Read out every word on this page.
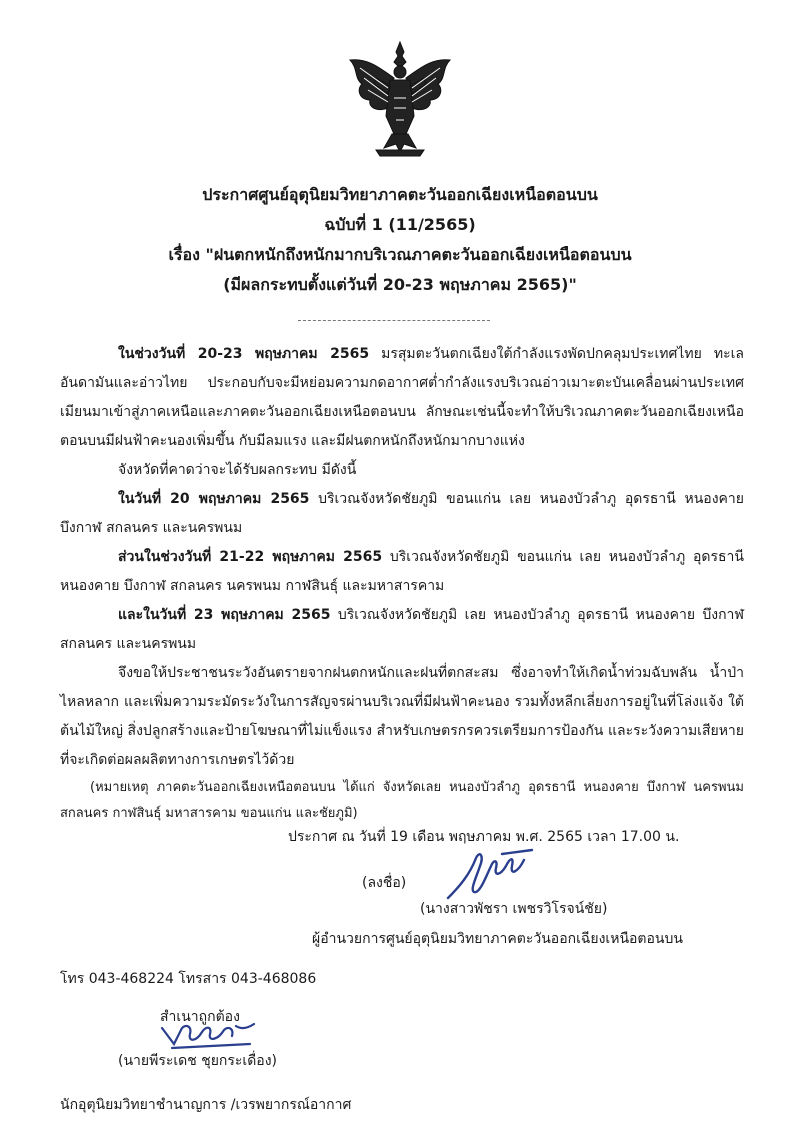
ประกาศศูนย์อุตุนิยมวิทยาภาคตะวันออกเฉียงเหนือตอนบน
ฉบับที่ 1 (11/2565)
เรื่อง "ฝนตกหนักถึงหนักมากบริเวณภาคตะวันออกเฉียงเหนือตอนบน
(มีผลกระทบตั้งแต่วันที่ 20-23 พฤษภาคม 2565)"

ในช่วงวันที่ 20-23 พฤษภาคม 2565 มรสุมตะวันตกเฉียงใต้กำลังแรงพัดปกคลุมประเทศไทย ทะเลอันดามันและอ่าวไทย ประกอบกับจะมีหย่อมความกดอากาศต่ำกำลังแรงบริเวณอ่าวเมาะตะบันเคลื่อนผ่านประเทศเมียนมาเข้าสู่ภาคเหนือและภาคตะวันออกเฉียงเหนือตอนบน ลักษณะเช่นนี้จะทำให้บริเวณภาคตะวันออกเฉียงเหนือตอนบนมีฝนฟ้าคะนองเพิ่มขึ้น กับมีลมแรง และมีฝนตกหนักถึงหนักมากบางแห่ง

จังหวัดที่คาดว่าจะได้รับผลกระทบ มีดังนี้

ในวันที่ 20 พฤษภาคม 2565 บริเวณจังหวัดชัยภูมิ ขอนแก่น เลย หนองบัวลำภู อุดรธานี หนองคาย บึงกาฬ สกลนคร และนครพนม

ส่วนในช่วงวันที่ 21-22 พฤษภาคม 2565 บริเวณจังหวัดชัยภูมิ ขอนแก่น เลย หนองบัวลำภู อุดรธานี หนองคาย บึงกาฬ สกลนคร นครพนม กาฬสินธุ์ และมหาสารคาม

และในวันที่ 23 พฤษภาคม 2565 บริเวณจังหวัดชัยภูมิ เลย หนองบัวลำภู อุดรธานี หนองคาย บึงกาฬ สกลนคร และนครพนม

จึงขอให้ประชาชนระวังอันตรายจากฝนตกหนักและฝนที่ตกสะสม ซึ่งอาจทำให้เกิดน้ำท่วมฉับพลัน น้ำป่าไหลหลาก และเพิ่มความระมัดระวังในการสัญจรผ่านบริเวณที่มีฝนฟ้าคะนอง รวมทั้งหลีกเลี่ยงการอยู่ในที่โล่งแจ้ง ใต้ต้นไม้ใหญ่ สิ่งปลูกสร้างและป้ายโฆษณาที่ไม่แข็งแรง สำหรับเกษตรกรควรเตรียมการป้องกัน และระวังความเสียหายที่จะเกิดต่อผลผลิตทางการเกษตรไว้ด้วย

(หมายเหตุ ภาคตะวันออกเฉียงเหนือตอนบน ได้แก่ จังหวัดเลย หนองบัวลำภู อุดรธานี หนองคาย บึงกาฬ นครพนม สกลนคร กาฬสินธุ์ มหาสารคาม ขอนแก่น และชัยภูมิ)

ประกาศ ณ วันที่ 19 เดือน พฤษภาคม พ.ศ. 2565 เวลา 17.00 น.
(ลงชื่อ)
(นางสาวพัชรา เพชรวิโรจน์ชัย)
ผู้อำนวยการศูนย์อุตุนิยมวิทยาภาคตะวันออกเฉียงเหนือตอนบน
โทร 043-468224 โทรสาร 043-468086
สำเนาถูกต้อง
(นายพีระเดช ชุยกระเดื่อง)
นักอุตุนิยมวิทยาชำนาญการ /เวรพยากรณ์อากาศ
